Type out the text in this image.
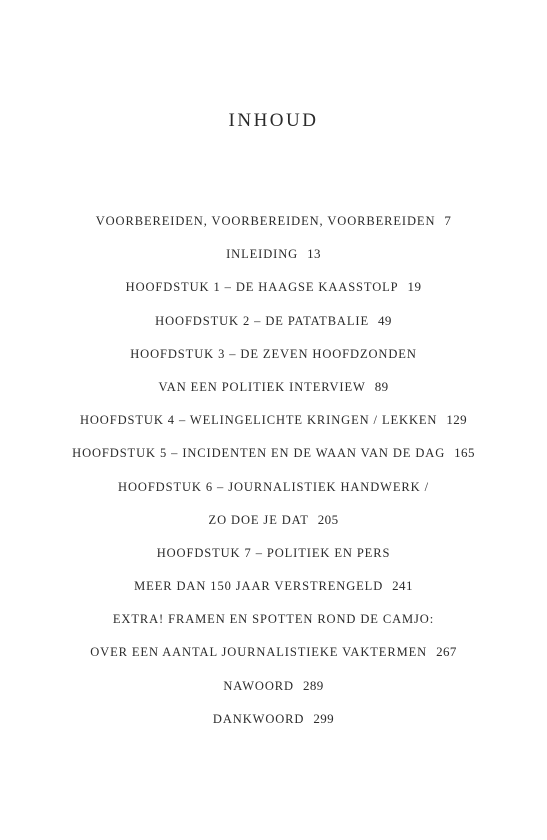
INHOUD
VOORBEREIDEN, VOORBEREIDEN, VOORBEREIDEN 7
INLEIDING 13
HOOFDSTUK 1 – DE HAAGSE KAASSTOLP 19
HOOFDSTUK 2 – DE PATATBALIE 49
HOOFDSTUK 3 – DE ZEVEN HOOFDZONDEN
VAN EEN POLITIEK INTERVIEW 89
HOOFDSTUK 4 – WELINGELICHTE KRINGEN / LEKKEN 129
HOOFDSTUK 5 – INCIDENTEN EN DE WAAN VAN DE DAG 165
HOOFDSTUK 6 – JOURNALISTIEK HANDWERK /
ZO DOE JE DAT 205
HOOFDSTUK 7 – POLITIEK EN PERS
MEER DAN 150 JAAR VERSTRENGELD 241
EXTRA! FRAMEN EN SPOTTEN ROND DE CAMJO:
OVER EEN AANTAL JOURNALISTIEKE VAKTERMEN 267
NAWOORD 289
DANKWOORD 299
